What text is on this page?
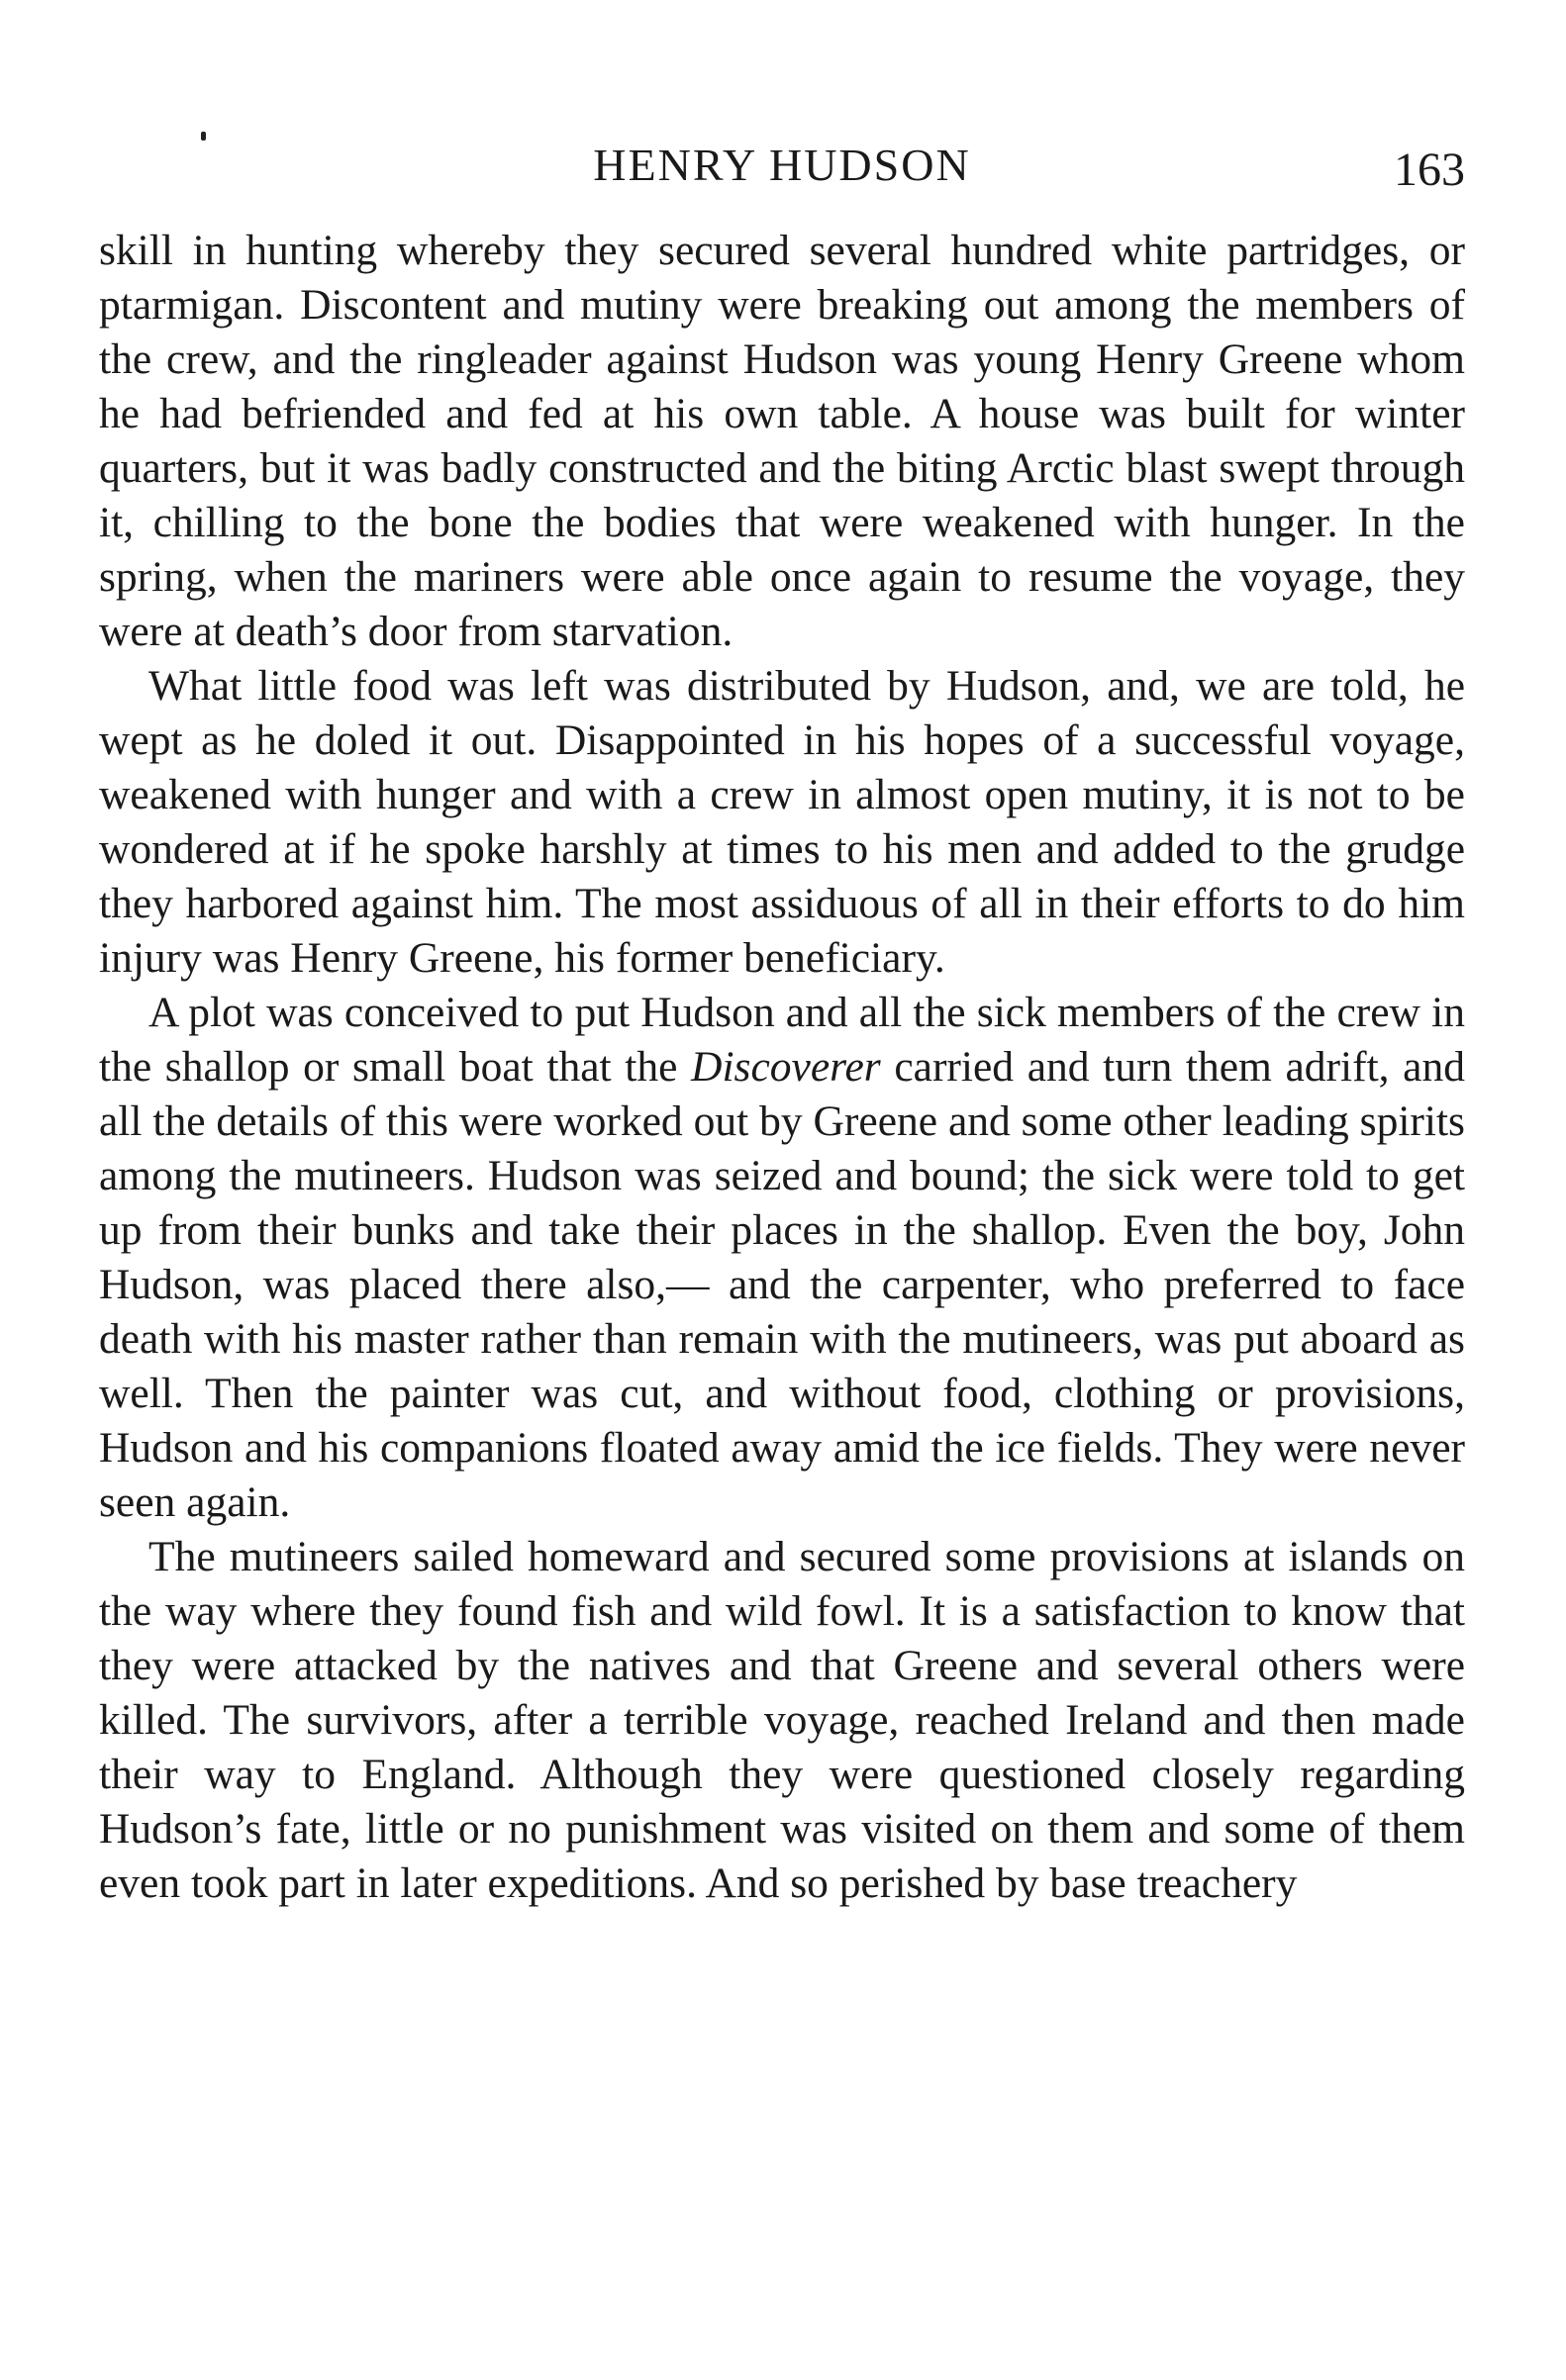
HENRY HUDSON	163

skill in hunting whereby they secured several hundred white partridges, or ptarmigan. Discontent and mutiny were breaking out among the members of the crew, and the ringleader against Hudson was young Henry Greene whom he had befriended and fed at his own table. A house was built for winter quarters, but it was badly constructed and the biting Arctic blast swept through it, chilling to the bone the bodies that were weakened with hunger. In the spring, when the mariners were able once again to resume the voyage, they were at death’s door from starvation.

What little food was left was distributed by Hudson, and, we are told, he wept as he doled it out. Disappointed in his hopes of a successful voyage, weakened with hunger and with a crew in almost open mutiny, it is not to be wondered at if he spoke harshly at times to his men and added to the grudge they harbored against him. The most assiduous of all in their efforts to do him injury was Henry Greene, his former beneficiary.

A plot was conceived to put Hudson and all the sick members of the crew in the shallop or small boat that the Discoverer carried and turn them adrift, and all the details of this were worked out by Greene and some other leading spirits among the mutineers. Hudson was seized and bound; the sick were told to get up from their bunks and take their places in the shallop. Even the boy, John Hudson, was placed there also,— and the carpenter, who preferred to face death with his master rather than remain with the mutineers, was put aboard as well. Then the painter was cut, and without food, clothing or provisions, Hudson and his companions floated away amid the ice fields. They were never seen again.

The mutineers sailed homeward and secured some provisions at islands on the way where they found fish and wild fowl. It is a satisfaction to know that they were attacked by the natives and that Greene and several others were killed. The survivors, after a terrible voyage, reached Ireland and then made their way to England. Although they were questioned closely regarding Hudson’s fate, little or no punishment was visited on them and some of them even took part in later expeditions. And so perished by base treachery
